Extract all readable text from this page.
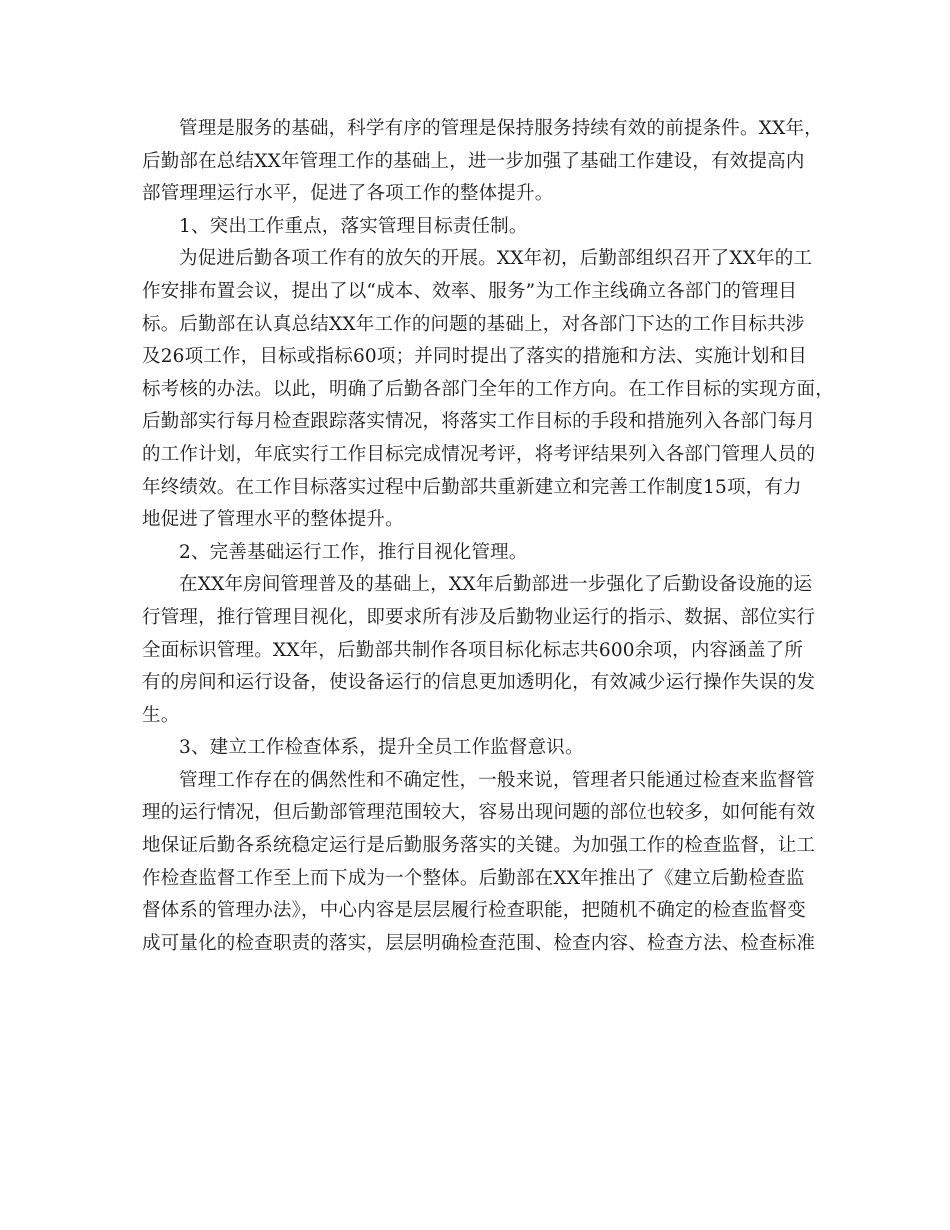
管理是服务的基础，科学有序的管理是保持服务持续有效的前提条件。XX年，
后勤部在总结XX年管理工作的基础上，进一步加强了基础工作建设，有效提高内
部管理理运行水平，促进了各项工作的整体提升。
1、突出工作重点，落实管理目标责任制。
为促进后勤各项工作有的放矢的开展。XX年初，后勤部组织召开了XX年的工
作安排布置会议，提出了以“成本、效率、服务”为工作主线确立各部门的管理目
标。后勤部在认真总结XX年工作的问题的基础上，对各部门下达的工作目标共涉
及26项工作，目标或指标60项；并同时提出了落实的措施和方法、实施计划和目
标考核的办法。以此，明确了后勤各部门全年的工作方向。在工作目标的实现方面，
后勤部实行每月检查跟踪落实情况，将落实工作目标的手段和措施列入各部门每月
的工作计划，年底实行工作目标完成情况考评，将考评结果列入各部门管理人员的
年终绩效。在工作目标落实过程中后勤部共重新建立和完善工作制度15项，有力
地促进了管理水平的整体提升。
2、完善基础运行工作，推行目视化管理。
在XX年房间管理普及的基础上，XX年后勤部进一步强化了后勤设备设施的运
行管理，推行管理目视化，即要求所有涉及后勤物业运行的指示、数据、部位实行
全面标识管理。XX年，后勤部共制作各项目标化标志共600余项，内容涵盖了所
有的房间和运行设备，使设备运行的信息更加透明化，有效减少运行操作失误的发
生。
3、建立工作检查体系，提升全员工作监督意识。
管理工作存在的偶然性和不确定性，一般来说，管理者只能通过检查来监督管
理的运行情况，但后勤部管理范围较大，容易出现问题的部位也较多，如何能有效
地保证后勤各系统稳定运行是后勤服务落实的关键。为加强工作的检查监督，让工
作检查监督工作至上而下成为一个整体。后勤部在XX年推出了《建立后勤检查监
督体系的管理办法》，中心内容是层层履行检查职能，把随机不确定的检查监督变
成可量化的检查职责的落实，层层明确检查范围、检查内容、检查方法、检查标准
